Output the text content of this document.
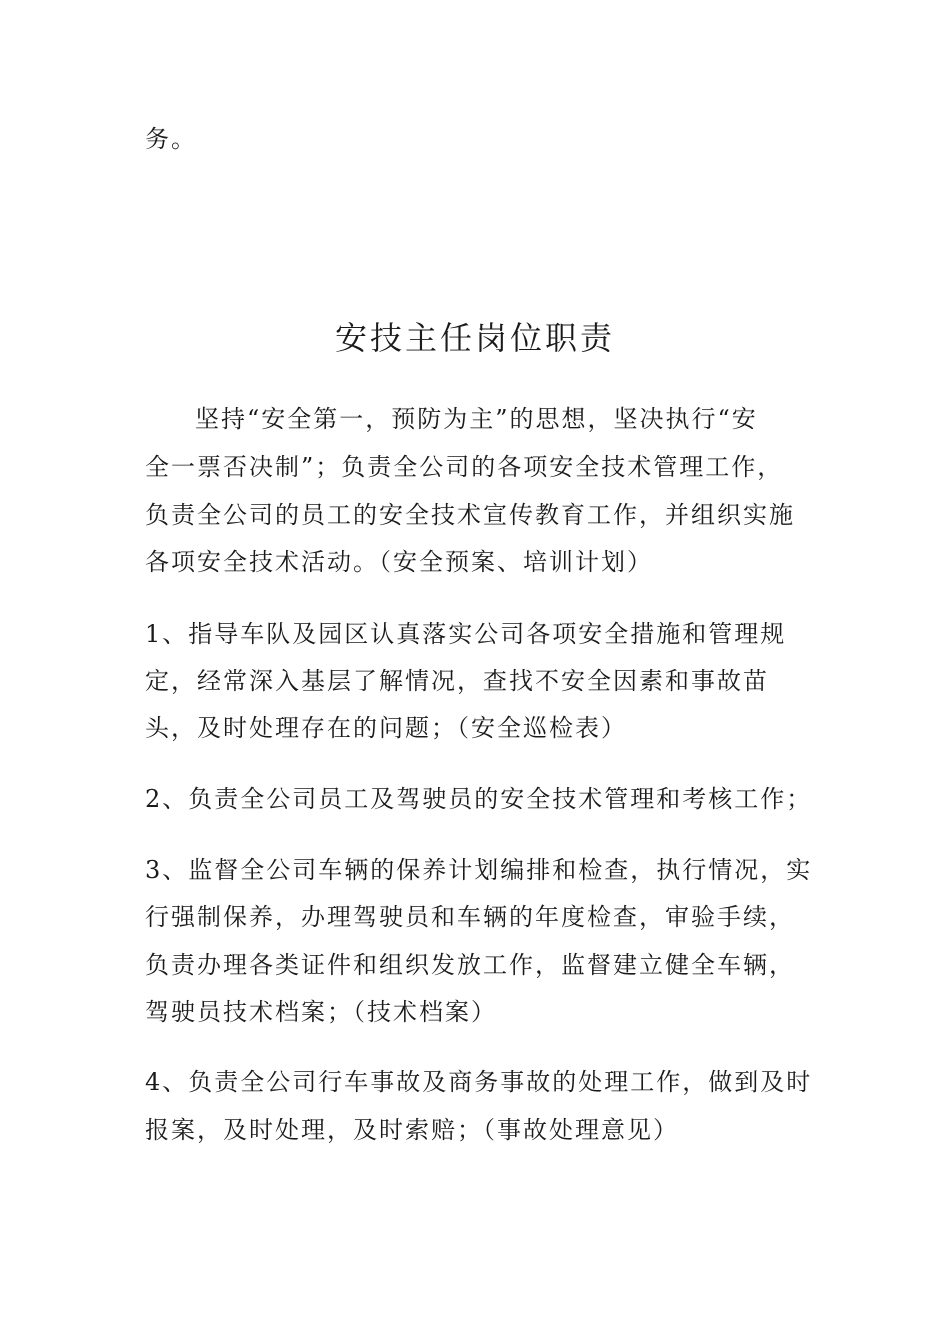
务。
安技主任岗位职责
坚持“安全第一，预防为主”的思想，坚决执行“安
全一票否决制”；负责全公司的各项安全技术管理工作，
负责全公司的员工的安全技术宣传教育工作，并组织实施
各项安全技术活动。（安全预案、培训计划）
1、指导车队及园区认真落实公司各项安全措施和管理规
定，经常深入基层了解情况，查找不安全因素和事故苗
头，及时处理存在的问题；（安全巡检表）
2、负责全公司员工及驾驶员的安全技术管理和考核工作；
3、监督全公司车辆的保养计划编排和检查，执行情况，实
行强制保养，办理驾驶员和车辆的年度检查，审验手续，
负责办理各类证件和组织发放工作，监督建立健全车辆，
驾驶员技术档案；（技术档案）
4、负责全公司行车事故及商务事故的处理工作，做到及时
报案，及时处理，及时索赔；（事故处理意见）
